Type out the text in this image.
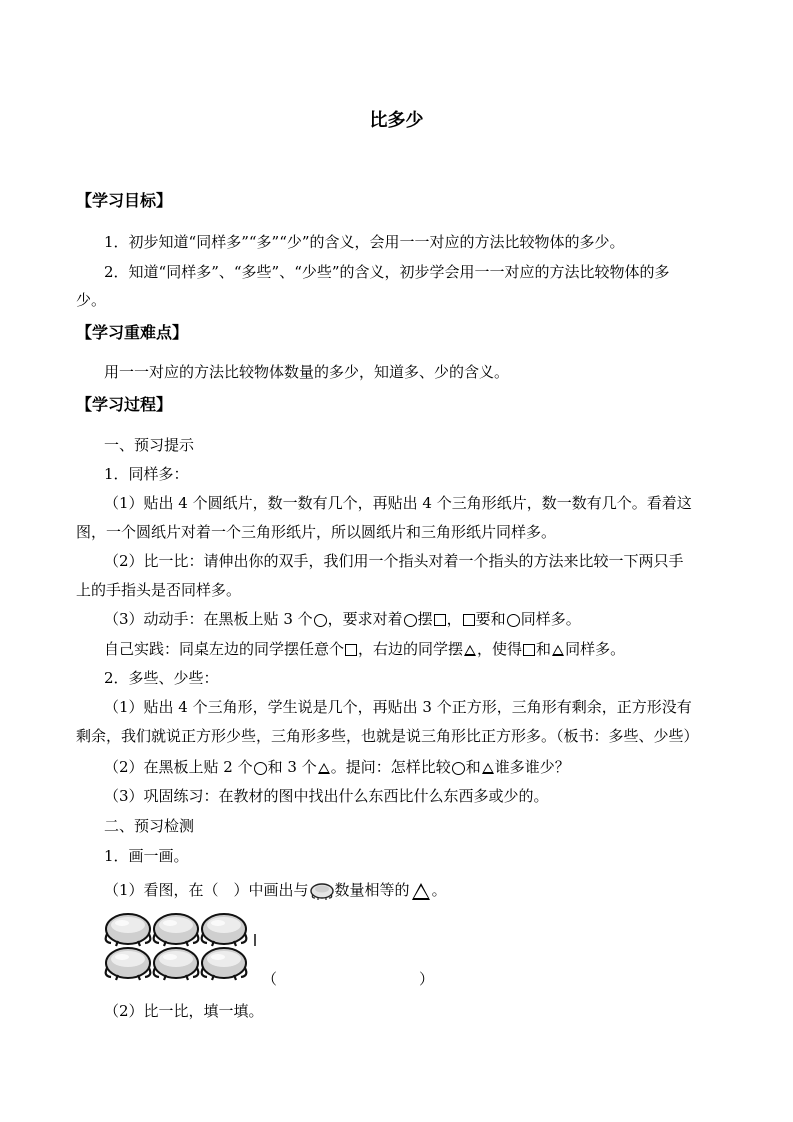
比多少
【学习目标】
1．初步知道“同样多”“多”“少”的含义，会用一一对应的方法比较物体的多少。
2．知道“同样多”、“多些”、“少些”的含义，初步学会用一一对应的方法比较物体的多
少。
【学习重难点】
用一一对应的方法比较物体数量的多少，知道多、少的含义。
【学习过程】
一、预习提示
1．同样多：
（1）贴出 4 个圆纸片，数一数有几个，再贴出 4 个三角形纸片，数一数有几个。看着这
图，一个圆纸片对着一个三角形纸片，所以圆纸片和三角形纸片同样多。
（2）比一比：请伸出你的双手，我们用一个指头对着一个指头的方法来比较一下两只手
上的手指头是否同样多。
（3）动动手：在黑板上贴 3 个 ，要求对着 摆 ， 要和 同样多。
自己实践：同桌左边的同学摆任意个 ，右边的同学摆 ，使得 和 同样多。
2．多些、少些：
（1）贴出 4 个三角形，学生说是几个，再贴出 3 个正方形，三角形有剩余，正方形没有
剩余，我们就说正方形少些，三角形多些，也就是说三角形比正方形多。（板书：多些、少些）
（2）在黑板上贴 2 个 和 3 个 。提问：怎样比较 和 谁多谁少？
（3）巩固练习：在教材的图中找出什么东西比什么东西多或少的。
二、预习检测
1．画一画。
（1）看图，在（　）中画出与 数量相等的 。
（	）
（2）比一比，填一填。
